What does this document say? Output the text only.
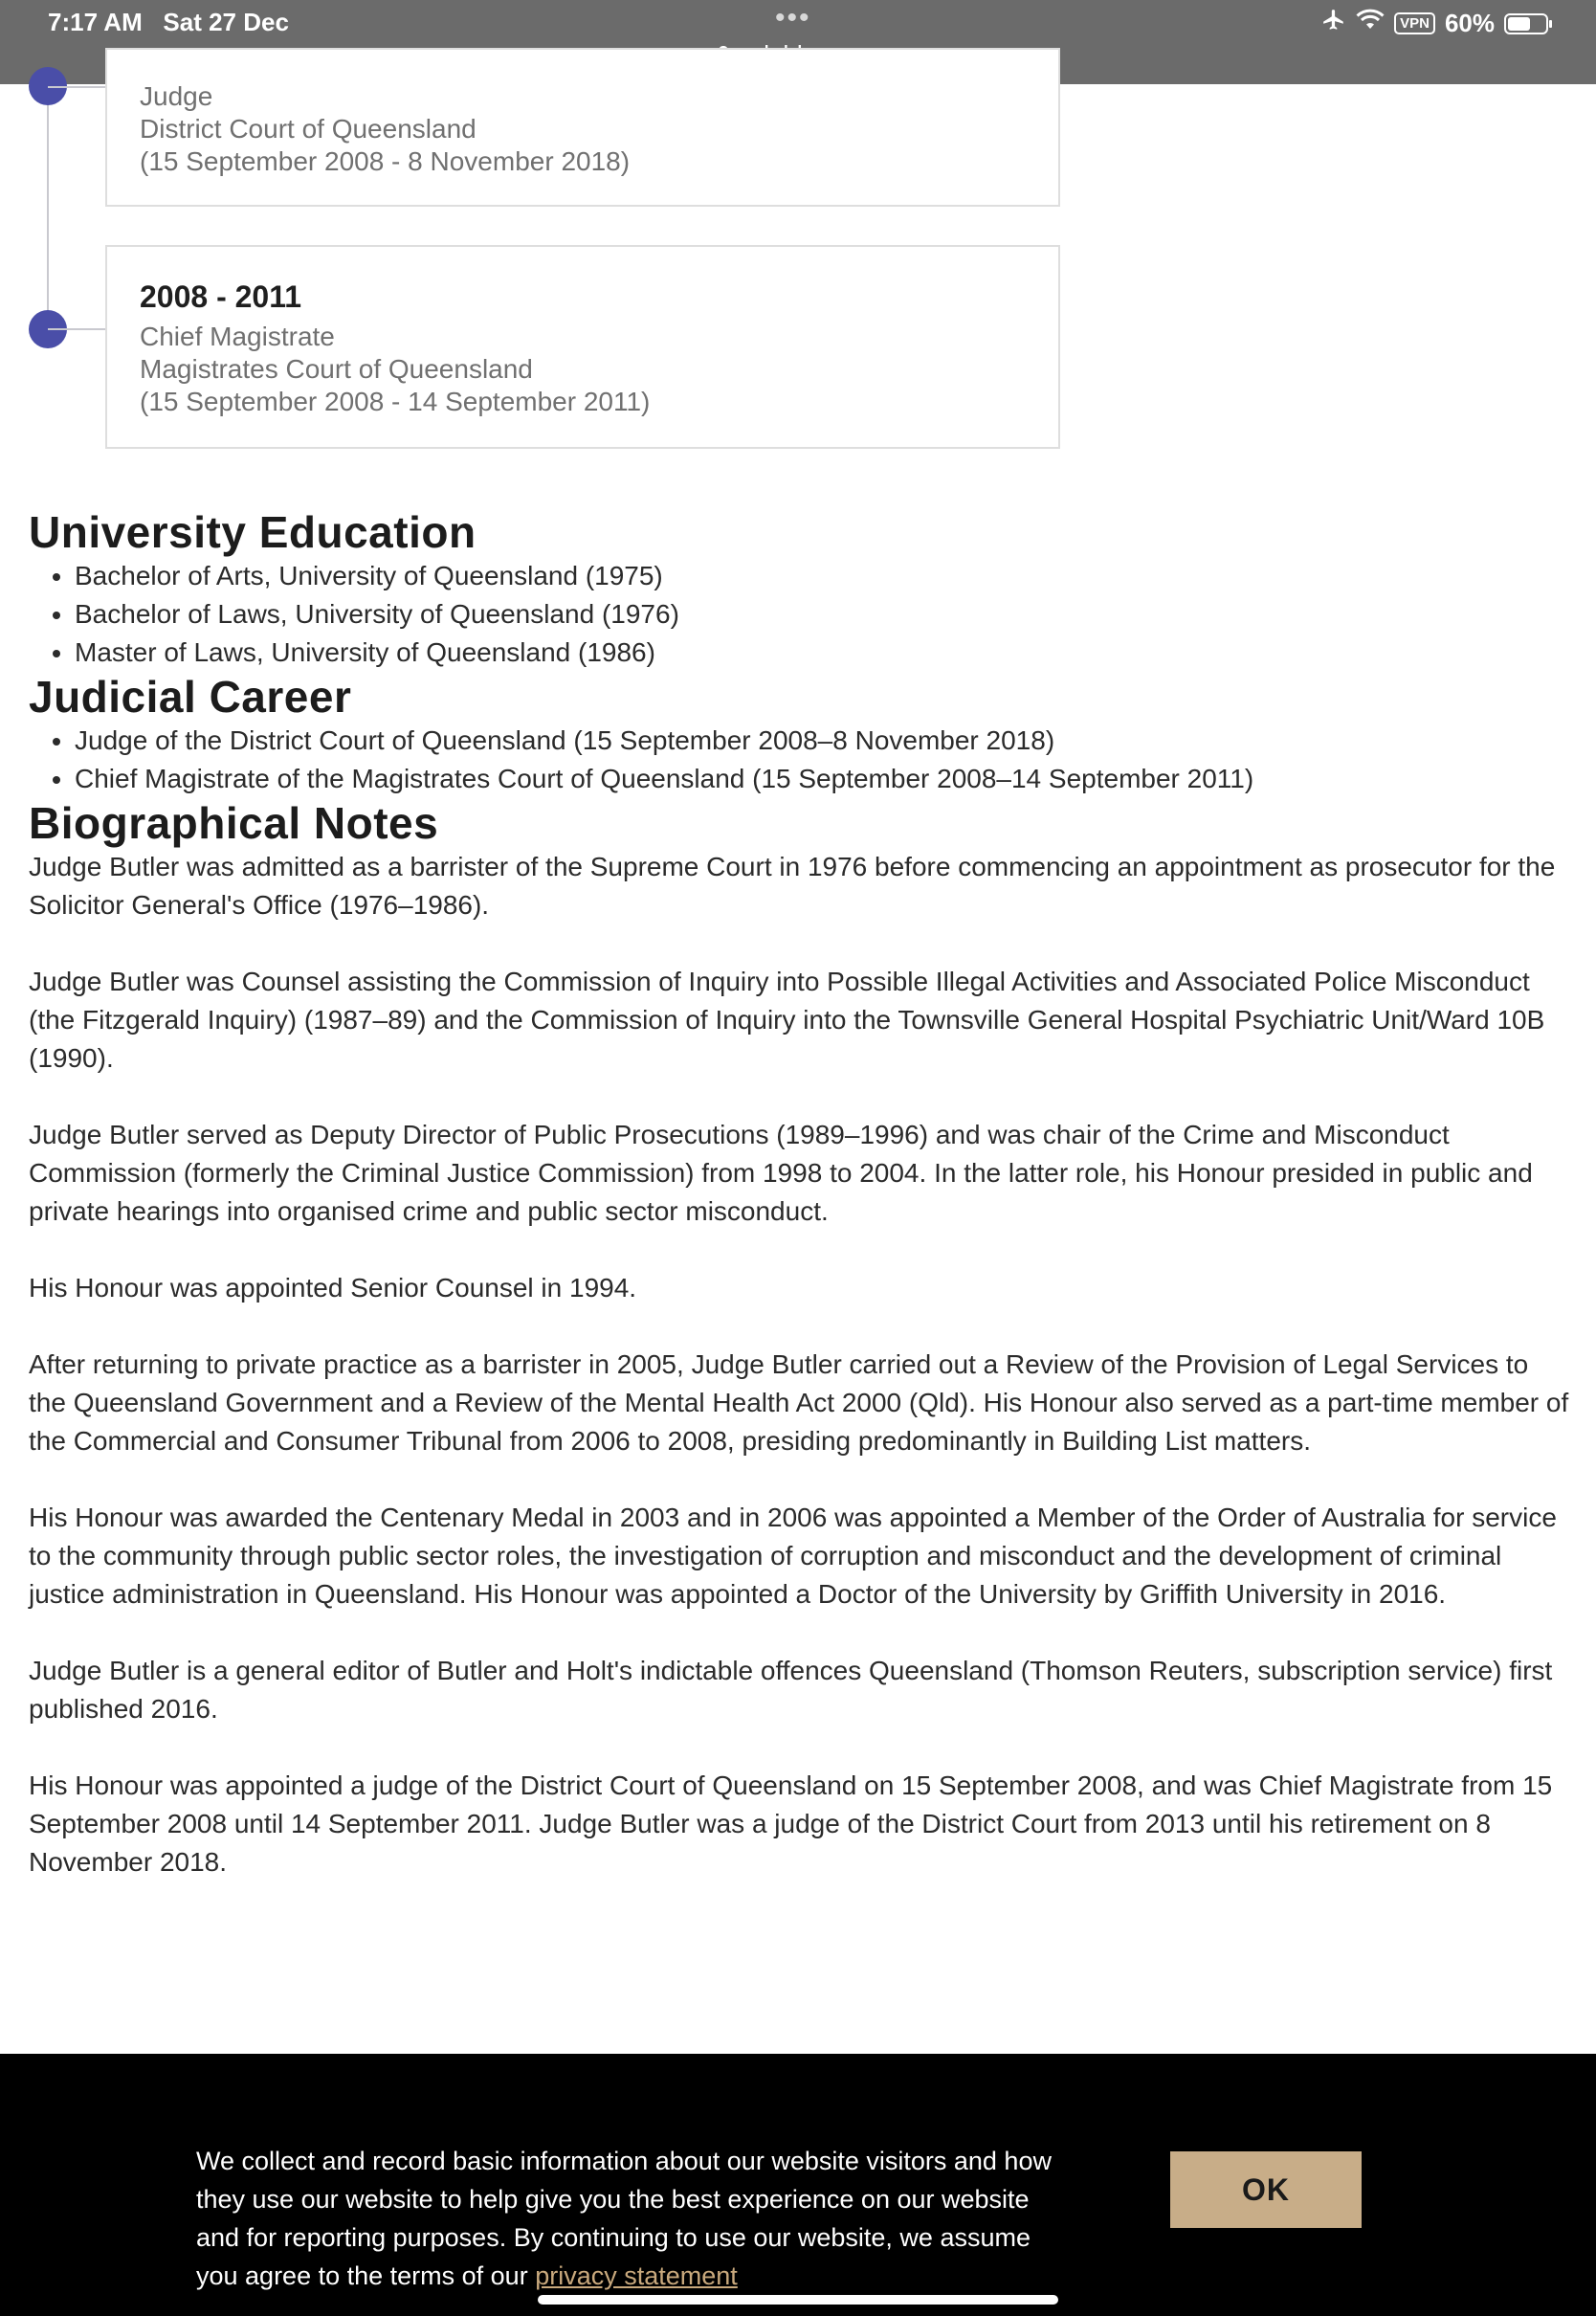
7:17 AM Sat 27 Dec	•••	VPN 60%
Judge
District Court of Queensland
(15 September 2008 - 8 November 2018)
2008 - 2011
Chief Magistrate
Magistrates Court of Queensland
(15 September 2008 - 14 September 2011)
University Education
• Bachelor of Arts, University of Queensland (1975)
• Bachelor of Laws, University of Queensland (1976)
• Master of Laws, University of Queensland (1986)
Judicial Career
• Judge of the District Court of Queensland (15 September 2008–8 November 2018)
• Chief Magistrate of the Magistrates Court of Queensland (15 September 2008–14 September 2011)
Biographical Notes

Judge Butler was admitted as a barrister of the Supreme Court in 1976 before commencing an appointment as prosecutor for the Solicitor General's Office (1976–1986).

Judge Butler was Counsel assisting the Commission of Inquiry into Possible Illegal Activities and Associated Police Misconduct (the Fitzgerald Inquiry) (1987–89) and the Commission of Inquiry into the Townsville General Hospital Psychiatric Unit/Ward 10B (1990).

Judge Butler served as Deputy Director of Public Prosecutions (1989–1996) and was chair of the Crime and Misconduct Commission (formerly the Criminal Justice Commission) from 1998 to 2004. In the latter role, his Honour presided in public and private hearings into organised crime and public sector misconduct.

His Honour was appointed Senior Counsel in 1994.

After returning to private practice as a barrister in 2005, Judge Butler carried out a Review of the Provision of Legal Services to the Queensland Government and a Review of the Mental Health Act 2000 (Qld). His Honour also served as a part-time member of the Commercial and Consumer Tribunal from 2006 to 2008, presiding predominantly in Building List matters.

His Honour was awarded the Centenary Medal in 2003 and in 2006 was appointed a Member of the Order of Australia for service to the community through public sector roles, the investigation of corruption and misconduct and the development of criminal justice administration in Queensland. His Honour was appointed a Doctor of the University by Griffith University in 2016.

Judge Butler is a general editor of Butler and Holt's indictable offences Queensland (Thomson Reuters, subscription service) first published 2016.

His Honour was appointed a judge of the District Court of Queensland on 15 September 2008, and was Chief Magistrate from 15 September 2008 until 14 September 2011. Judge Butler was a judge of the District Court from 2013 until his retirement on 8 November 2018.

We collect and record basic information about our website visitors and how they use our website to help give you the best experience on our website and for reporting purposes. By continuing to use our website, we assume you agree to the terms of our privacy statement
OK
